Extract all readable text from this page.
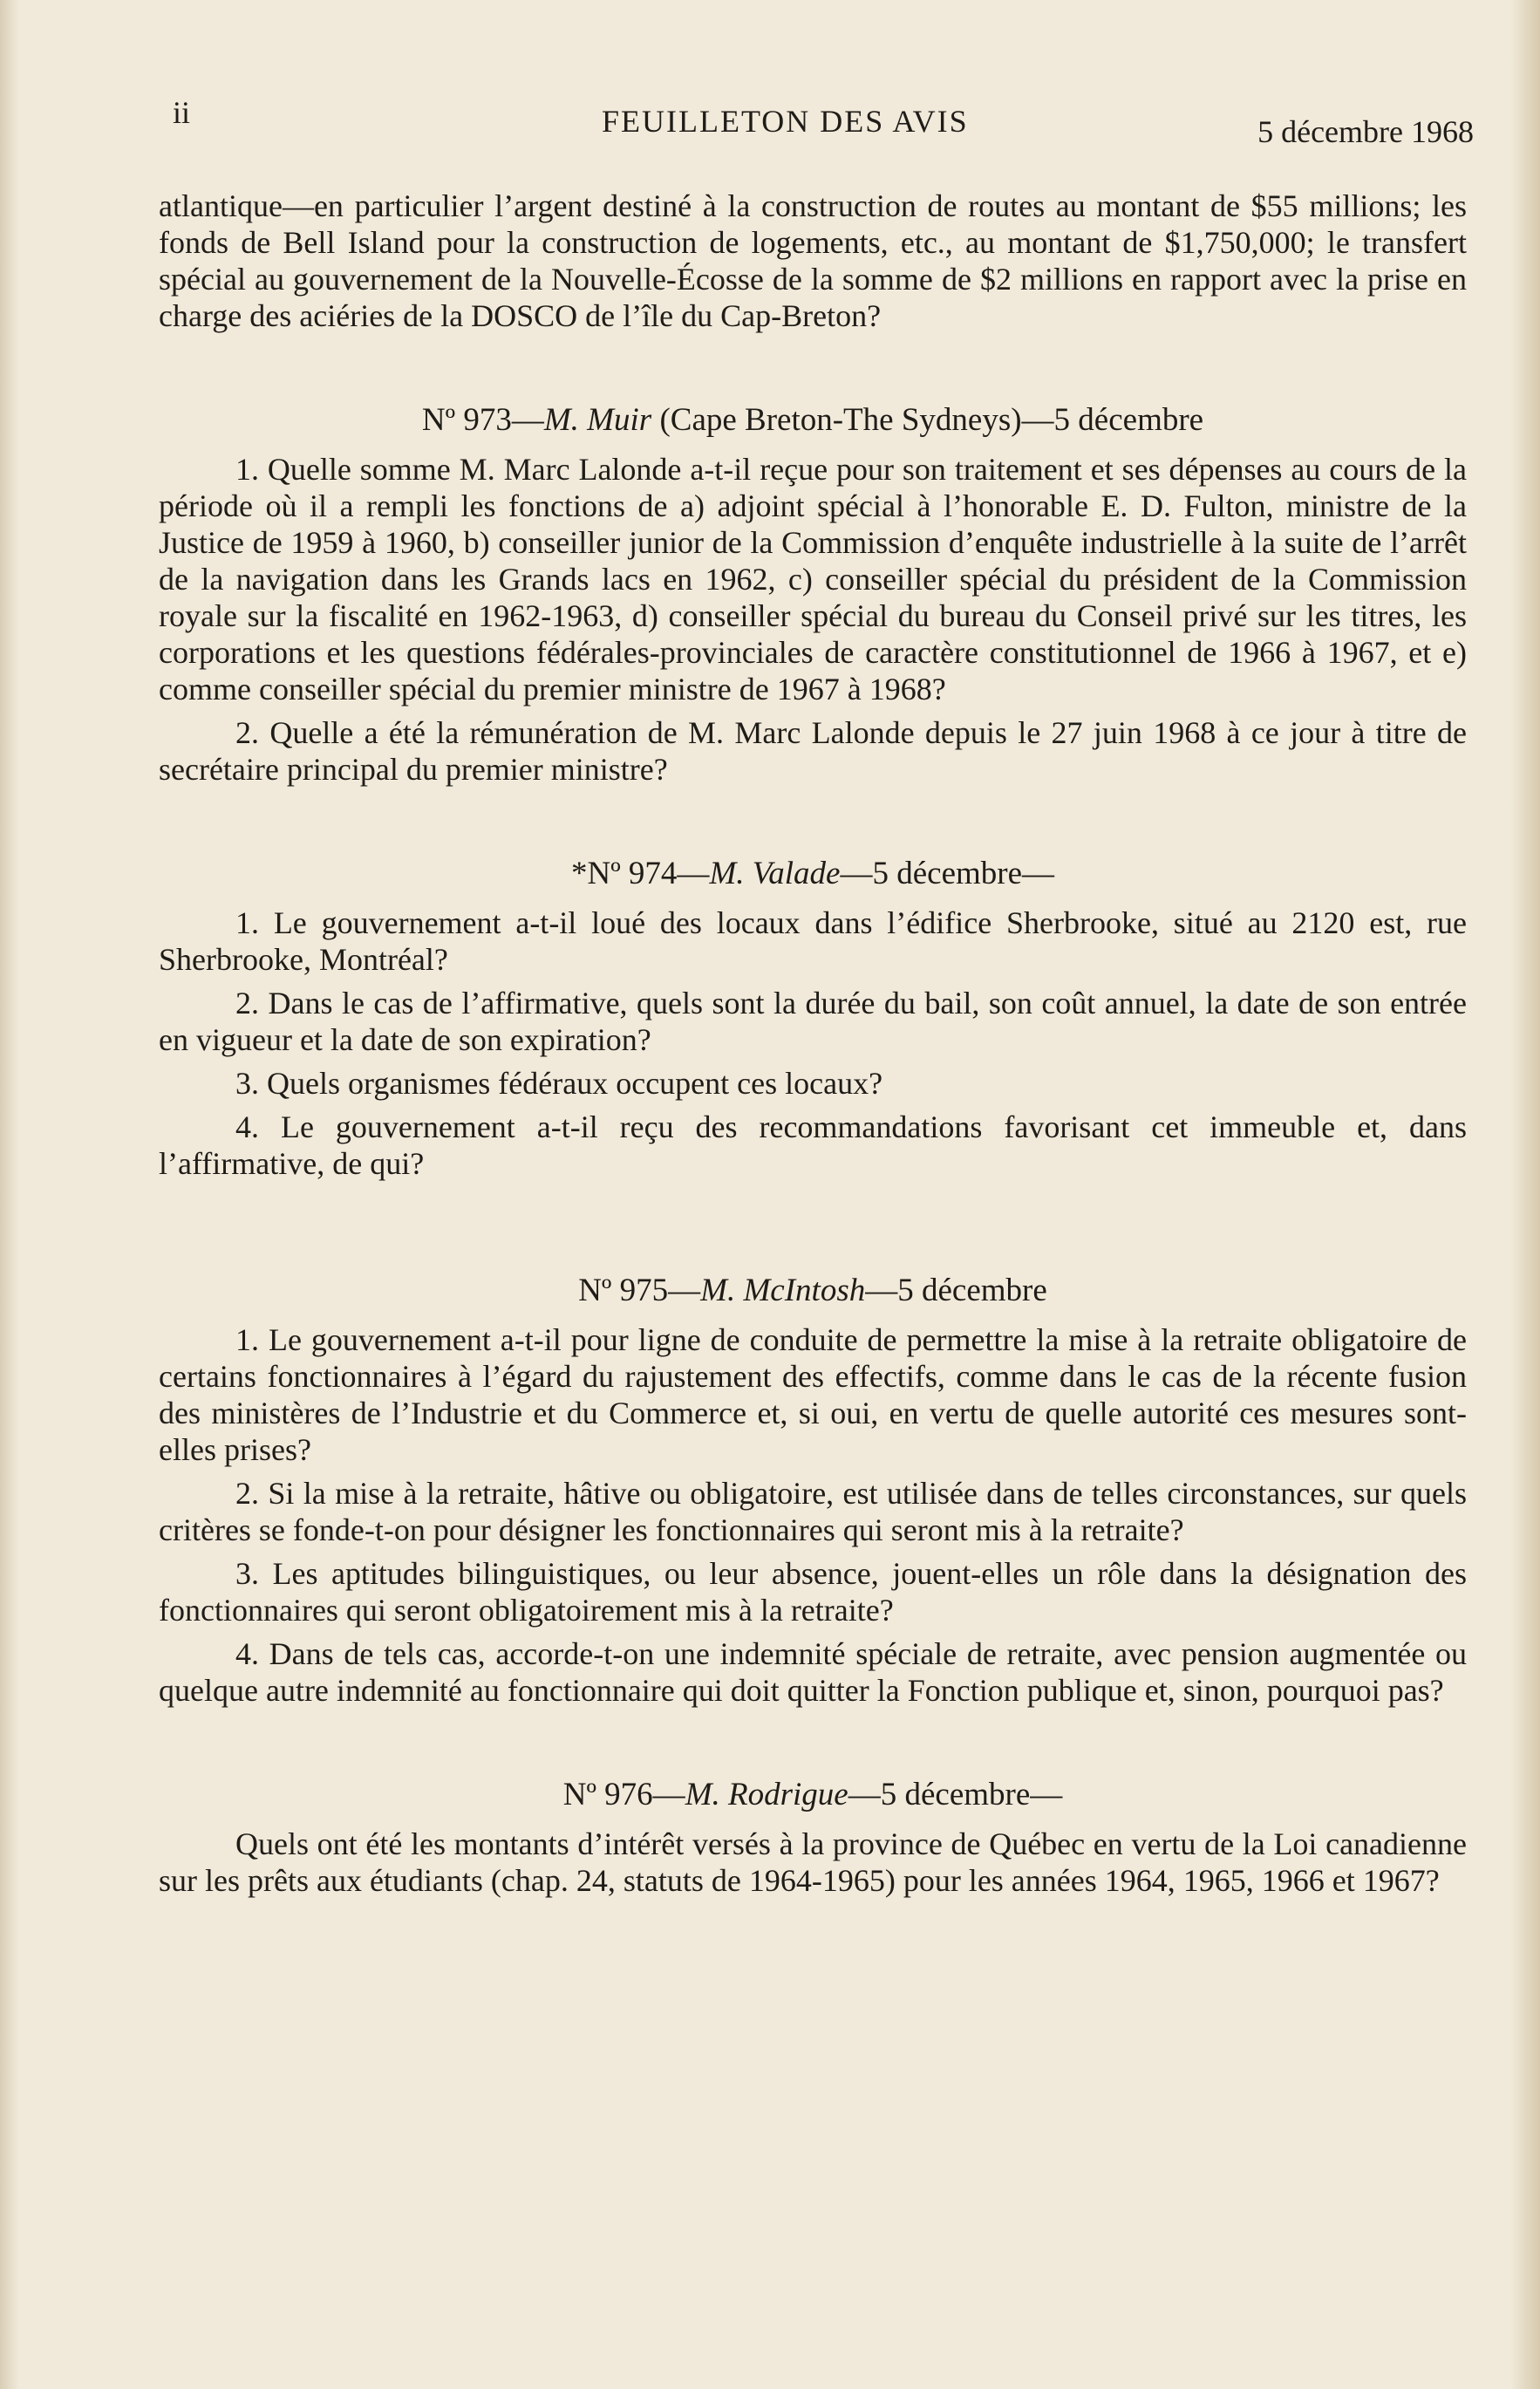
ii	FEUILLETON DES AVIS	5 décembre 1968

atlantique—en particulier l’argent destiné à la construction de routes au montant de $55 millions; les fonds de Bell Island pour la construction de logements, etc., au montant de $1,750,000; le transfert spécial au gouvernement de la Nouvelle-Écosse de la somme de $2 millions en rapport avec la prise en charge des aciéries de la DOSCO de l’île du Cap-Breton?

Nº 973—M. Muir (Cape Breton-The Sydneys)—5 décembre

1. Quelle somme M. Marc Lalonde a-t-il reçue pour son traitement et ses dépenses au cours de la période où il a rempli les fonctions de a) adjoint spécial à l’honorable E. D. Fulton, ministre de la Justice de 1959 à 1960, b) conseiller junior de la Commission d’enquête industrielle à la suite de l’arrêt de la navigation dans les Grands lacs en 1962, c) conseiller spécial du président de la Commission royale sur la fiscalité en 1962-1963, d) conseiller spécial du bureau du Conseil privé sur les titres, les corporations et les questions fédérales-provinciales de caractère constitutionnel de 1966 à 1967, et e) comme conseiller spécial du premier ministre de 1967 à 1968?

2. Quelle a été la rémunération de M. Marc Lalonde depuis le 27 juin 1968 à ce jour à titre de secrétaire principal du premier ministre?

*Nº 974—M. Valade—5 décembre—

1. Le gouvernement a-t-il loué des locaux dans l’édifice Sherbrooke, situé au 2120 est, rue Sherbrooke, Montréal?

2. Dans le cas de l’affirmative, quels sont la durée du bail, son coût annuel, la date de son entrée en vigueur et la date de son expiration?

3. Quels organismes fédéraux occupent ces locaux?

4. Le gouvernement a-t-il reçu des recommandations favorisant cet immeuble et, dans l’affirmative, de qui?

Nº 975—M. McIntosh—5 décembre

1. Le gouvernement a-t-il pour ligne de conduite de permettre la mise à la retraite obligatoire de certains fonctionnaires à l’égard du rajustement des effectifs, comme dans le cas de la récente fusion des ministères de l’Industrie et du Commerce et, si oui, en vertu de quelle autorité ces mesures sont-elles prises?

2. Si la mise à la retraite, hâtive ou obligatoire, est utilisée dans de telles circonstances, sur quels critères se fonde-t-on pour désigner les fonctionnaires qui seront mis à la retraite?

3. Les aptitudes bilinguistiques, ou leur absence, jouent-elles un rôle dans la désignation des fonctionnaires qui seront obligatoirement mis à la retraite?

4. Dans de tels cas, accorde-t-on une indemnité spéciale de retraite, avec pension augmentée ou quelque autre indemnité au fonctionnaire qui doit quitter la Fonction publique et, sinon, pourquoi pas?

Nº 976—M. Rodrigue—5 décembre—

Quels ont été les montants d’intérêt versés à la province de Québec en vertu de la Loi canadienne sur les prêts aux étudiants (chap. 24, statuts de 1964-1965) pour les années 1964, 1965, 1966 et 1967?
